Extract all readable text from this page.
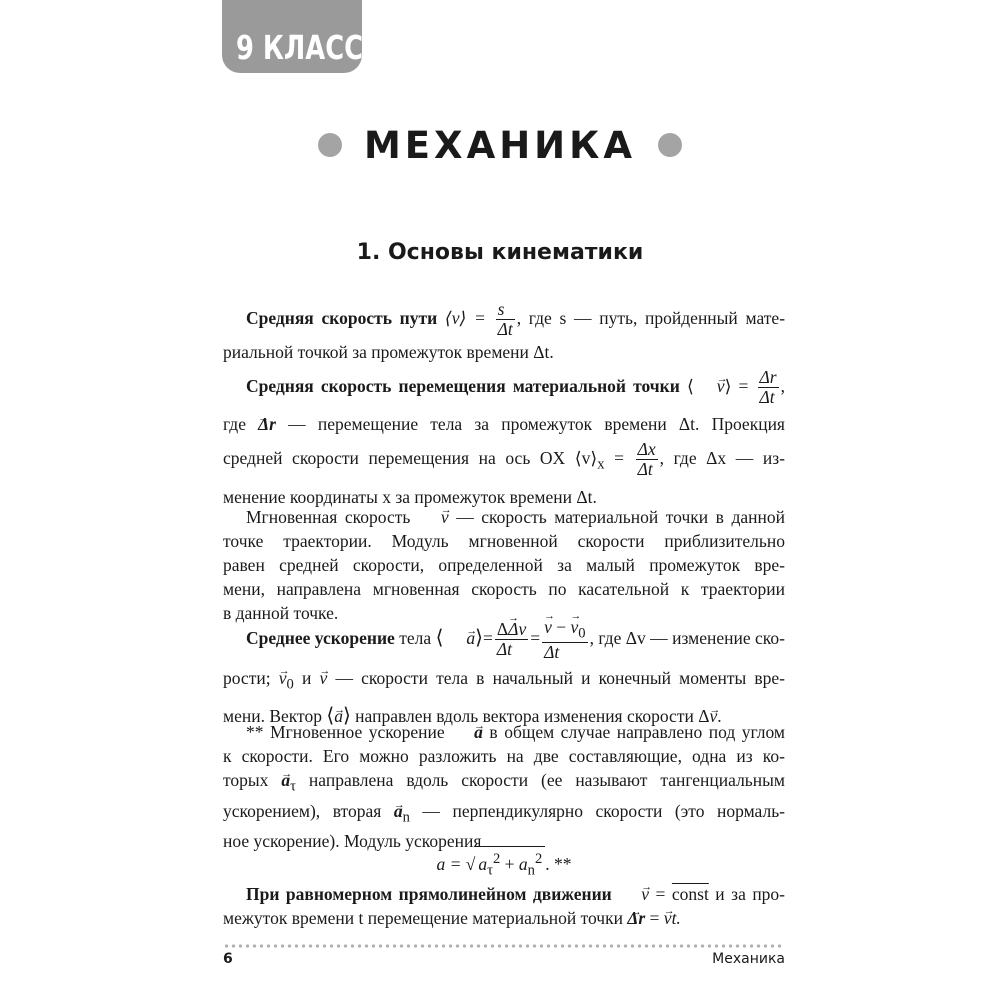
9 КЛАСС
МЕХАНИКА
1. Основы кинематики

Средняя скорость пути ⟨v⟩ = $\frac{s}{\Delta t}$ , где s — путь, пройденный мате-

риальной точкой за промежуток времени Δt.

Средняя скорость перемещения материальной точки ⟨ → v⟩ = $\frac{\Delta r}{\Delta t}$ ,

где → Δr — перемещение тела за промежуток времени Δt. Проекция

средней скорости перемещения на ось OX $⟨v⟩_x = \frac{\Delta x}{\Delta t}$ , где Δx — из-

менение координаты x за промежуток времени Δt.

Мгновенная скорость → v — скорость материальной точки в данной

точке траектории. Модуль мгновенной скорости приблизительно

равен средней скорости, определенной за малый промежуток вре-

мени, направлена мгновенная скорость по касательной к траектории

в данной точке.

Среднее ускорение тела ⟨ → a⟩= $\frac{\Delta\to \Delta v}{\Delta t}$ = → $\frac{v - \to v_0}{\Delta t}$ , где Δv — изменение ско-

рости; → $v_0$ и → v — скорости тела в начальный и конечный моменты вре-

мени. Вектор ⟨→ a⟩ направлен вдоль вектора изменения скорости Δ→ v.

** Мгновенное ускорение → a в общем случае направлено под углом

к скорости. Его можно разложить на две составляющие, одна из ко-

торых → $a_\tau$ направлена вдоль скорости (ее называют тангенциальным

ускорением), вторая → $a_n$ — перпендикулярно скорости (это нормаль-

ное ускорение). Модуль ускорения

a = √ $a_\tau^2 + a_n^2$ . **

При равномерном прямолинейном движении → v = const и за про-

межуток времени t перемещение материальной точки → Δr = → vt.

6	Механика
